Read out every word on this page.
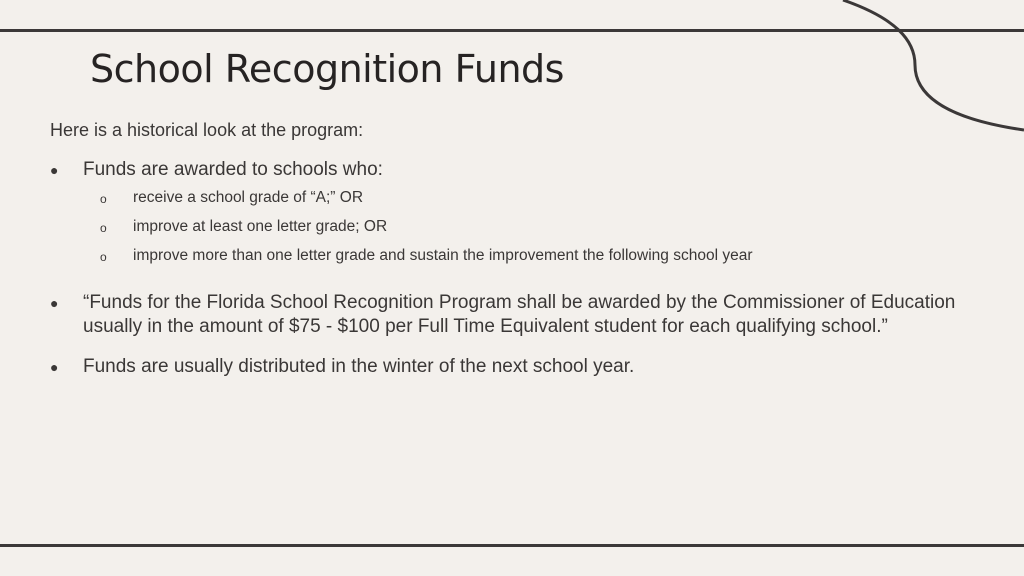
School Recognition Funds
Here is a historical look at the program:
● Funds are awarded to schools who:
o receive a school grade of “A;” OR
o improve at least one letter grade; OR
o improve more than one letter grade and sustain the improvement the following school year
● “Funds for the Florida School Recognition Program shall be awarded by the Commissioner of Education usually in the amount of $75 - $100 per Full Time Equivalent student for each qualifying school.”
● Funds are usually distributed in the winter of the next school year.
